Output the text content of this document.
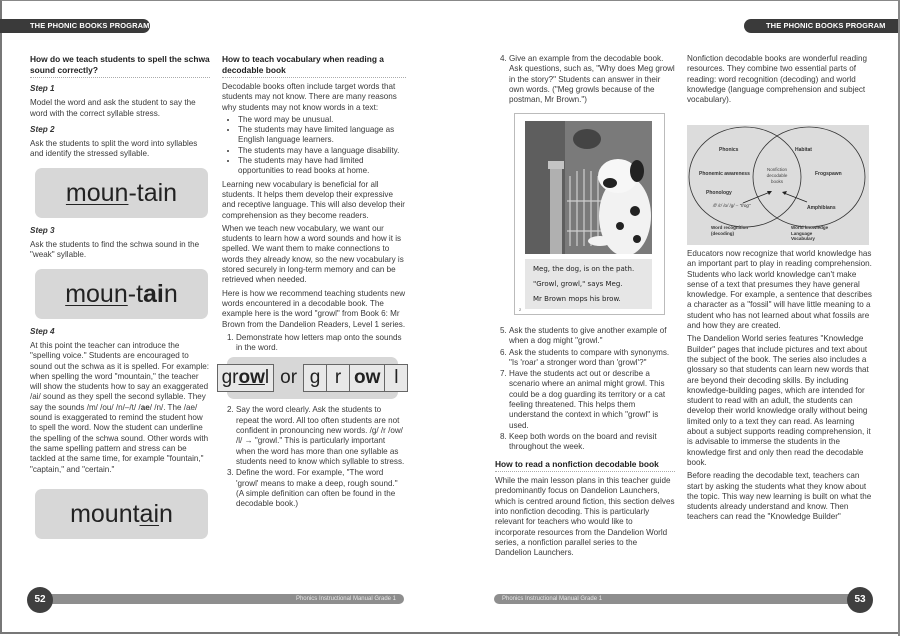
THE PHONIC BOOKS PROGRAM	THE PHONIC BOOKS PROGRAM
How do we teach students to spell the schwa sound correctly?
Step 1

Model the word and ask the student to say the word with the correct syllable stress.

Step 2

Ask the students to split the word into syllables and identify the stressed syllable.

moun - tain
Step 3

Ask the students to find the schwa sound in the "weak" syllable.

moun - t ai n
Step 4

At this point the teacher can introduce the "spelling voice." Students are encouraged to sound out the schwa as it is spelled. For example: when spelling the word "mountain," the teacher will show the students how to say an exaggerated /ai/ sound as they spell the second syllable. They say the sounds /m/ /ou/ /n/–/t/ /ae/ /n/. The /ae/ sound is exaggerated to remind the student how to spell the word. Now the student can underline the spelling of the schwa sound. Other words with the same spelling pattern and stress can be tackled at the same time, for example "fountain," "captain," and "certain."

mount ai n
How to teach vocabulary when reading a decodable book

Decodable books often include target words that students may not know. There are many reasons why students may not know words in a text:

• The word may be unusual.
• The students may have limited language as English language learners.
• The students may have a language disability.
• The students may have had limited opportunities to read books at home.

Learning new vocabulary is beneficial for all students. It helps them develop their expressive and receptive language. This will also develop their comprehension as they become readers.

When we teach new vocabulary, we want our students to learn how a word sounds and how it is spelled. We want them to make connections to words they already know, so the new vocabulary is stored securely in long-term memory and can be retrieved when needed.

Here is how we recommend teaching students new words encountered in a decodable book. The example here is the word "growl" from Book 6: Mr Brown from the Dandelion Readers, Level 1 series.

1. Demonstrate how letters map onto the sounds in the word.
gr ow l or g r ow l
2. Say the word clearly. Ask the students to repeat the word. All too often students are not confident in pronouncing new words. /g/ /r /ow/ /l/ → "growl." This is particularly important when the word has more than one syllable as students need to know which syllable to stress.
3. Define the word. For example, "The word 'growl' means to make a deep, rough sound." (A simple definition can often be found in the decodable book.)
4. Give an example from the decodable book. Ask questions, such as, "Why does Meg growl in the story?" Students can answer in their own words. ("Meg growls because of the postman, Mr Brown.")
Meg, the dog, is on the path.
"Growl, growl," says Meg.
Mr Brown mops his brow.
2
5. Ask the students to give another example of when a dog might "growl."
6. Ask the students to compare with synonyms. "Is 'roar' a stronger word than 'growl'?"
7. Have the students act out or describe a scenario where an animal might growl. This could be a dog guarding its territory or a cat feeling threatened. This helps them understand the context in which "growl" is used.
8. Keep both words on the board and revisit throughout the week.
How to read a nonfiction decodable book

While the main lesson plans in this teacher guide predominantly focus on Dandelion Launchers, which is centred around fiction, this section delves into nonfiction decoding. This is particularly relevant for teachers who would like to incorporate resources from the Dandelion World series, a nonfiction parallel series to the Dandelion Launchers.

Nonfiction decodable books are wonderful reading resources. They combine two essential parts of reading: word recognition (decoding) and world knowledge (language comprehension and subject vocabulary).

Phonics
Phonemic awareness
Phonology
/f/ /r/ /o/ /g/ – "frog"
Habitat
Frogspawn
Amphibians
Nonfiction decodable books
Word recognition (decoding)
World knowledge Language Vocabulary

Educators now recognize that world knowledge has an important part to play in reading comprehension. Students who lack world knowledge can't make sense of a text that presumes they have general knowledge. For example, a sentence that describes a character as a "fossil" will have little meaning to a student who has not learned about what fossils are and how they are created.

The Dandelion World series features "Knowledge Builder" pages that include pictures and text about the subject of the book. The series also includes a glossary so that students can learn new words that are beyond their decoding skills. By including knowledge-building pages, which are intended for student to read with an adult, the students can develop their world knowledge orally without being limited only to a text they can read. As learning about a subject supports reading comprehension, it is advisable to immerse the students in the knowledge first and only then read the decodable book.

Before reading the decodable text, teachers can start by asking the students what they know about the topic. This way new learning is built on what the students already understand and know. Then teachers can read the "Knowledge Builder"

Phonics Instructional Manual Grade 1
52	Phonics Instructional Manual Grade 1	53
